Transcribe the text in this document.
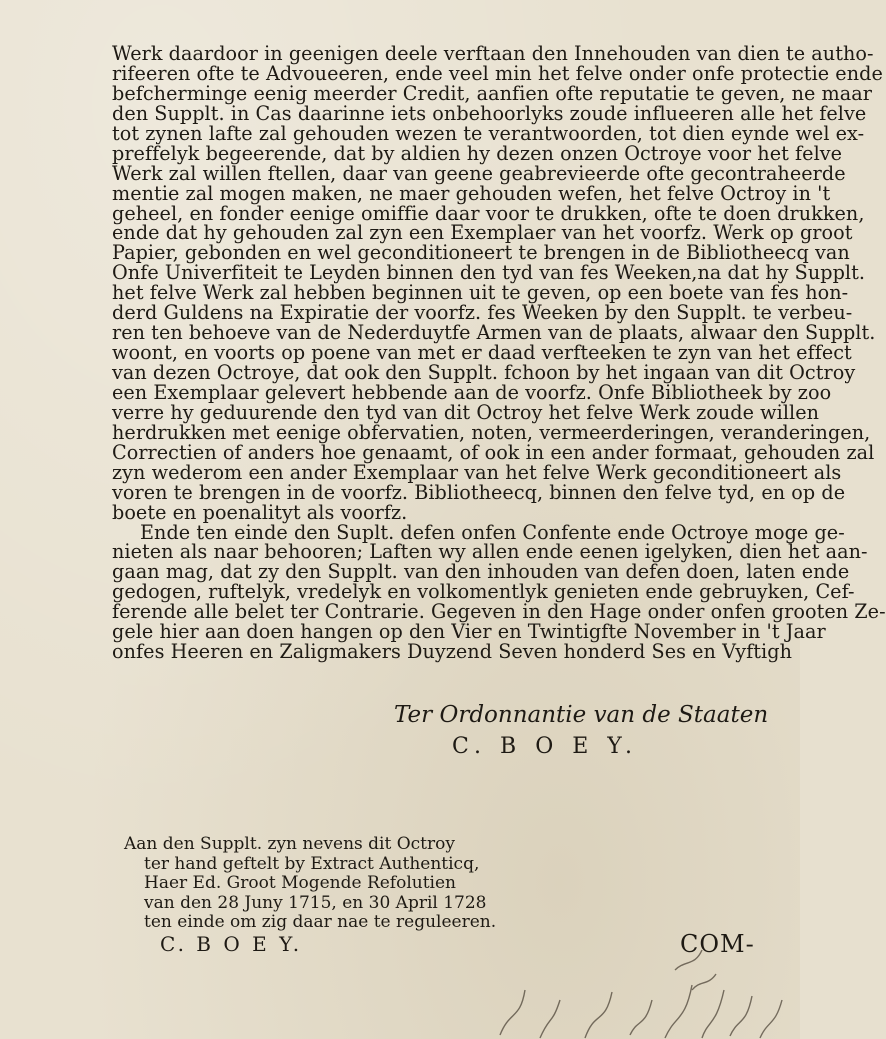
Werk daardoor in geenigen deele verftaan den Innehouden van dien te autho-
rifeeren ofte te Advoueeren, ende veel min het felve onder onfe protectie ende
befcherminge eenig meerder Credit, aanfien ofte reputatie te geven, ne maar
den Supplt. in Cas daarinne iets onbehoorlyks zoude influeeren alle het felve
tot zynen lafte zal gehouden wezen te verantwoorden, tot dien eynde wel ex-
preffelyk begeerende, dat by aldien hy dezen onzen Octroye voor het felve
Werk zal willen ftellen, daar van geene geabrevieerde ofte gecontraheerde
mentie zal mogen maken, ne maer gehouden wefen, het felve Octroy in 't
geheel, en fonder eenige omiffie daar voor te drukken, ofte te doen drukken,
ende dat hy gehouden zal zyn een Exemplaer van het voorfz. Werk op groot
Papier, gebonden en wel geconditioneert te brengen in de Bibliotheecq van
Onfe Univerfiteit te Leyden binnen den tyd van fes Weeken,na dat hy Supplt.
het felve Werk zal hebben beginnen uit te geven, op een boete van fes hon-
derd Guldens na Expiratie der voorfz. fes Weeken by den Supplt. te verbeu-
ren ten behoeve van de Nederduytfe Armen van de plaats, alwaar den Supplt.
woont, en voorts op poene van met er daad verfteeken te zyn van het effect
van dezen Octroye, dat ook den Supplt. fchoon by het ingaan van dit Octroy
een Exemplaar gelevert hebbende aan de voorfz. Onfe Bibliotheek by zoo
verre hy geduurende den tyd van dit Octroy het felve Werk zoude willen
herdrukken met eenige obfervatien, noten, vermeerderingen, veranderingen,
Correctien of anders hoe genaamt, of ook in een ander formaat, gehouden zal
zyn wederom een ander Exemplaar van het felve Werk geconditioneert als
voren te brengen in de voorfz. Bibliotheecq, binnen den felve tyd, en op de
boete en poenalityt als voorfz.
Ende ten einde den Suplt. defen onfen Confente ende Octroye moge ge-
nieten als naar behooren; Laften wy allen ende eenen igelyken, dien het aan-
gaan mag, dat zy den Supplt. van den inhouden van defen doen, laten ende
gedogen, ruftelyk, vredelyk en volkomentlyk genieten ende gebruyken, Cef-
ferende alle belet ter Contrarie. Gegeven in den Hage onder onfen grooten Ze-
gele hier aan doen hangen op den Vier en Twintigfte November in 't Jaar
onfes Heeren en Zaligmakers Duyzend Seven honderd Ses en Vyftigh
Ter Ordonnantie van de Staaten
C. B O E Y.
Aan den Supplt. zyn nevens dit Octroy
ter hand geftelt by Extract Authenticq,
Haer Ed. Groot Mogende Refolutien
van den 28 Juny 1715, en 30 April 1728
ten einde om zig daar nae te reguleeren.
C. B O E Y.	COM-
